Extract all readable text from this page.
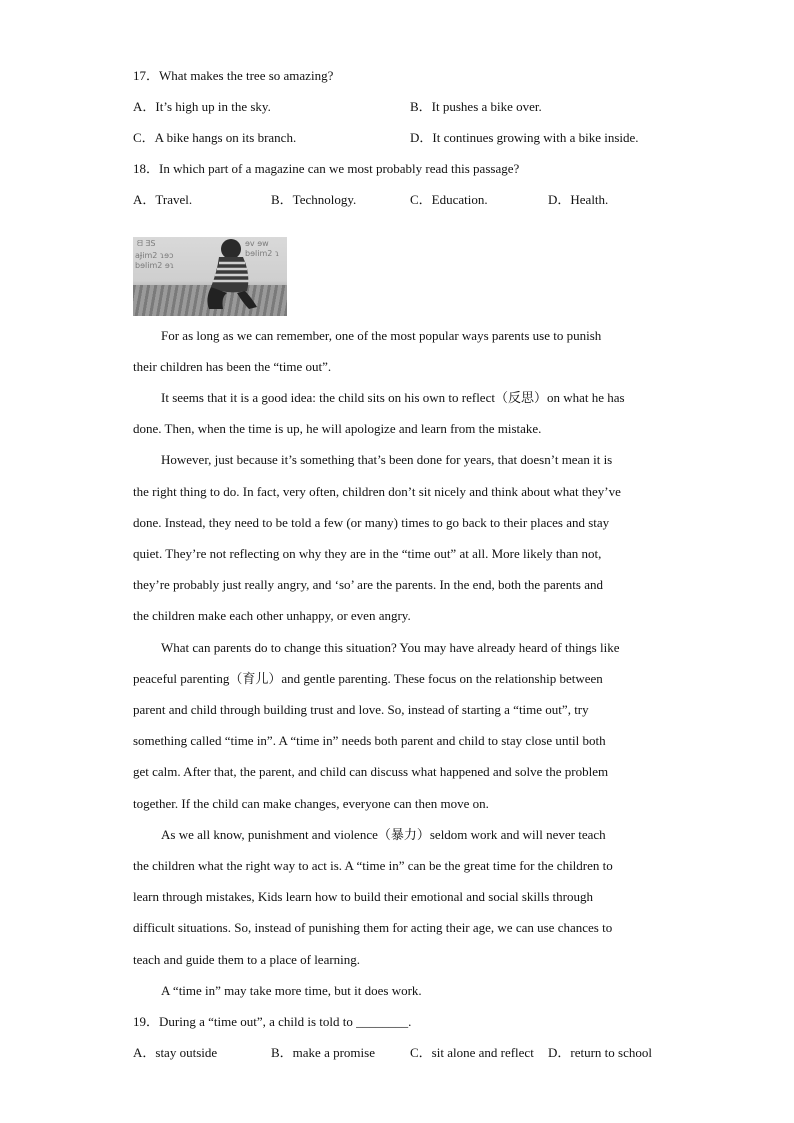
17．What makes the tree so amazing?
A．It’s high up in the sky.	B．It pushes a bike over.
C．A bike hangs on its branch.	D．It continues growing with a bike inside.
18．In which part of a magazine can we most probably read this passage?
A．Travel.	B．Technology.	C．Education.	D．Health.
ᗺ ƎS
aɈim2 ɿɘɔ
bɘlim2 ɘɿ
ɘv ɘw
bɘlim2 ɿ
For as long as we can remember, one of the most popular ways parents use to punish
their children has been the “time out”.
It seems that it is a good idea: the child sits on his own to reflect（反思）on what he has
done. Then, when the time is up, he will apologize and learn from the mistake.
However, just because it’s something that’s been done for years, that doesn’t mean it is
the right thing to do. In fact, very often, children don’t sit nicely and think about what they’ve
done. Instead, they need to be told a few (or many) times to go back to their places and stay
quiet. They’re not reflecting on why they are in the “time out” at all. More likely than not,
they’re probably just really angry, and ‘so’ are the parents. In the end, both the parents and
the children make each other unhappy, or even angry.
What can parents do to change this situation? You may have already heard of things like
peaceful parenting（育儿）and gentle parenting. These focus on the relationship between
parent and child through building trust and love. So, instead of starting a “time out”, try
something called “time in”. A “time in” needs both parent and child to stay close until both
get calm. After that, the parent, and child can discuss what happened and solve the problem
together. If the child can make changes, everyone can then move on.
As we all know, punishment and violence（暴力）seldom work and will never teach
the children what the right way to act is. A “time in” can be the great time for the children to
learn through mistakes, Kids learn how to build their emotional and social skills through
difficult situations. So, instead of punishing them for acting their age, we can use chances to
teach and guide them to a place of learning.
A “time in” may take more time, but it does work.
19．During a “time out”, a child is told to ________.
A．stay outside	B．make a promise	C．sit alone and reflect D．return to school
